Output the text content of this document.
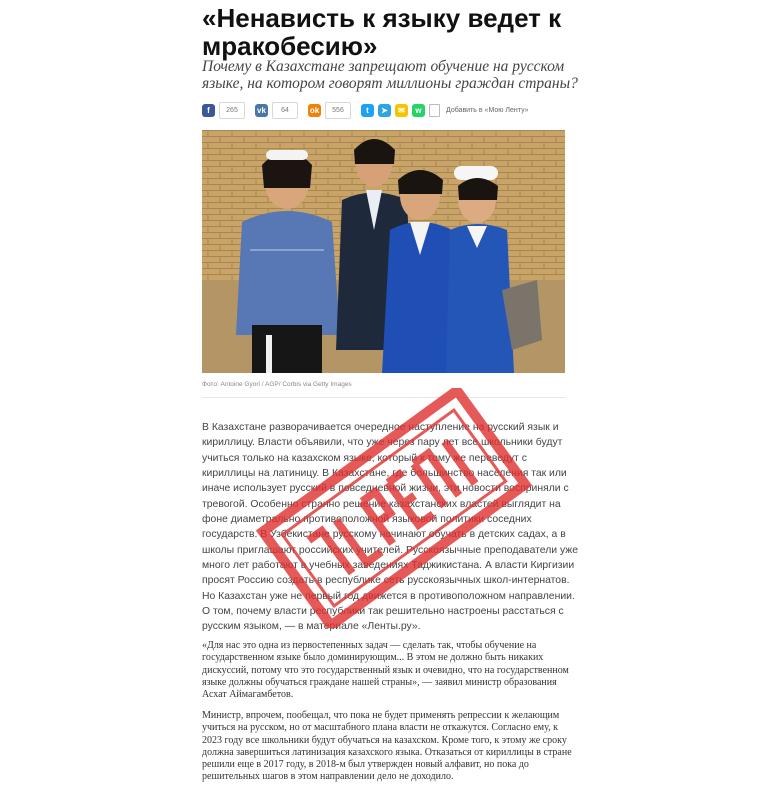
«Ненависть к языку ведет к мракобесию»

Почему в Казахстане запрещают обучение на русском языке, на котором говорят миллионы граждан страны?

f	265	vk	64	ok	556	t	➤	✉	w	Добавить в «Мою Ленту»
Фото: Antoine Gyori / AGP/ Corbis via Getty Images

В Казахстане разворачивается очередное наступление на русский язык и кириллицу. Власти объявили, что уже через пару лет все школьники будут учиться только на казахском языке, который к тому же переведут с кириллицы на латиницу. В Казахстане, где большинство населения так или иначе использует русский в повседневной жизни, эти новости восприняли с тревогой. Особенно странно решение казахстанских властей выглядит на фоне диаметрально противоположной языковой политики соседних государств. В Узбекистане русскому начинают обучать в детских садах, а в школы приглашают российских учителей. Русскоязычные преподаватели уже много лет работают в учебных заведениях Таджикистана. А власти Киргизии просят Россию создать в республике сеть русскоязычных школ-интернатов. Но Казахстан уже не первый год движется в противоположном направлении. О том, почему власти республики так решительно настроены расстаться с русским языком, — в материале «Ленты.ру».

«Для нас это одна из первостепенных задач — сделать так, чтобы обучение на государственном языке было доминирующим... В этом не должно быть никаких дискуссий, потому что это государственный язык и очевидно, что на государственном языке должны обучаться граждане нашей страны», — заявил министр образования Асхат Аймагамбетов.

Министр, впрочем, пообещал, что пока не будет применять репрессии к желающим учиться на русском, но от масштабного плана власти не откажутся. Согласно ему, к 2023 году все школьники будут обучаться на казахском. Кроме того, к этому же сроку должна завершиться латинизация казахского языка. Отказаться от кириллицы в стране решили еще в 2017 году, в 2018-м был утвержден новый алфавит, но пока до решительных шагов в этом направлении дело не доходило.
